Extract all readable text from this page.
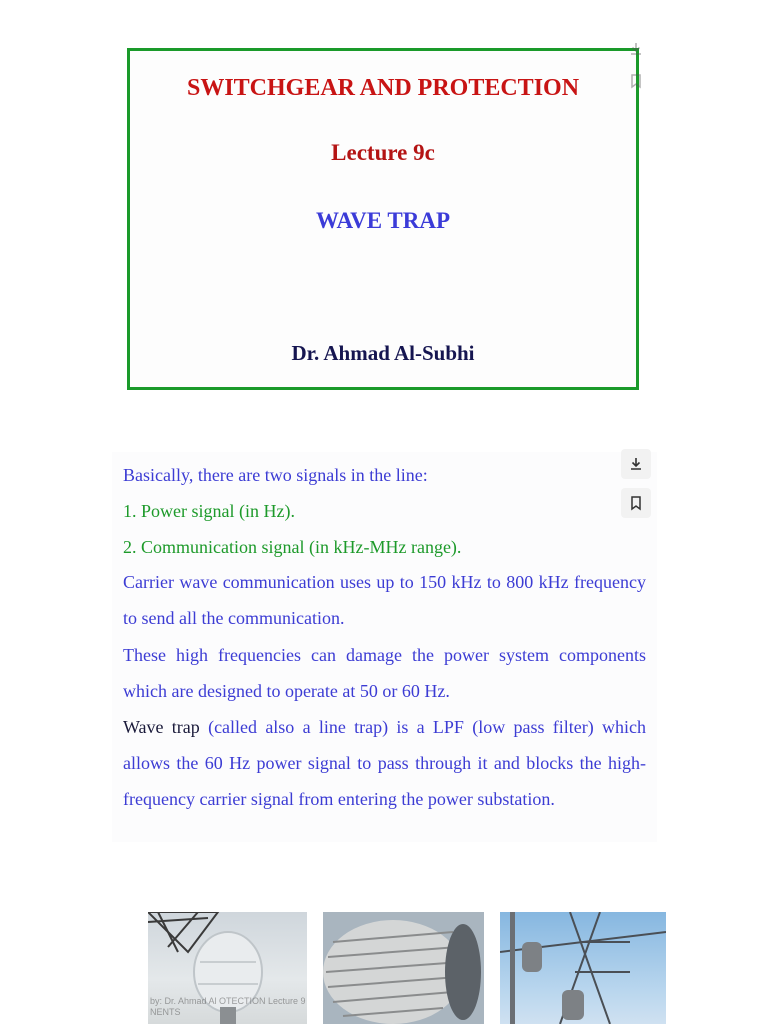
SWITCHGEAR AND PROTECTION
Lecture 9c
WAVE TRAP
Dr. Ahmad Al-Subhi

Basically, there are two signals in the line:

1. Power signal (in Hz).

2. Communication signal (in kHz-MHz range).

Carrier wave communication uses up to 150 kHz to 800 kHz frequency to send all the communication.

These high frequencies can damage the power system components which are designed to operate at 50 or 60 Hz.

Wave trap (called also a line trap) is a LPF (low pass filter) which allows the 60 Hz power signal to pass through it and blocks the high-frequency carrier signal from entering the power substation.

by: Dr. Ahmad Al OTECTION Lecture 9 NENTS
